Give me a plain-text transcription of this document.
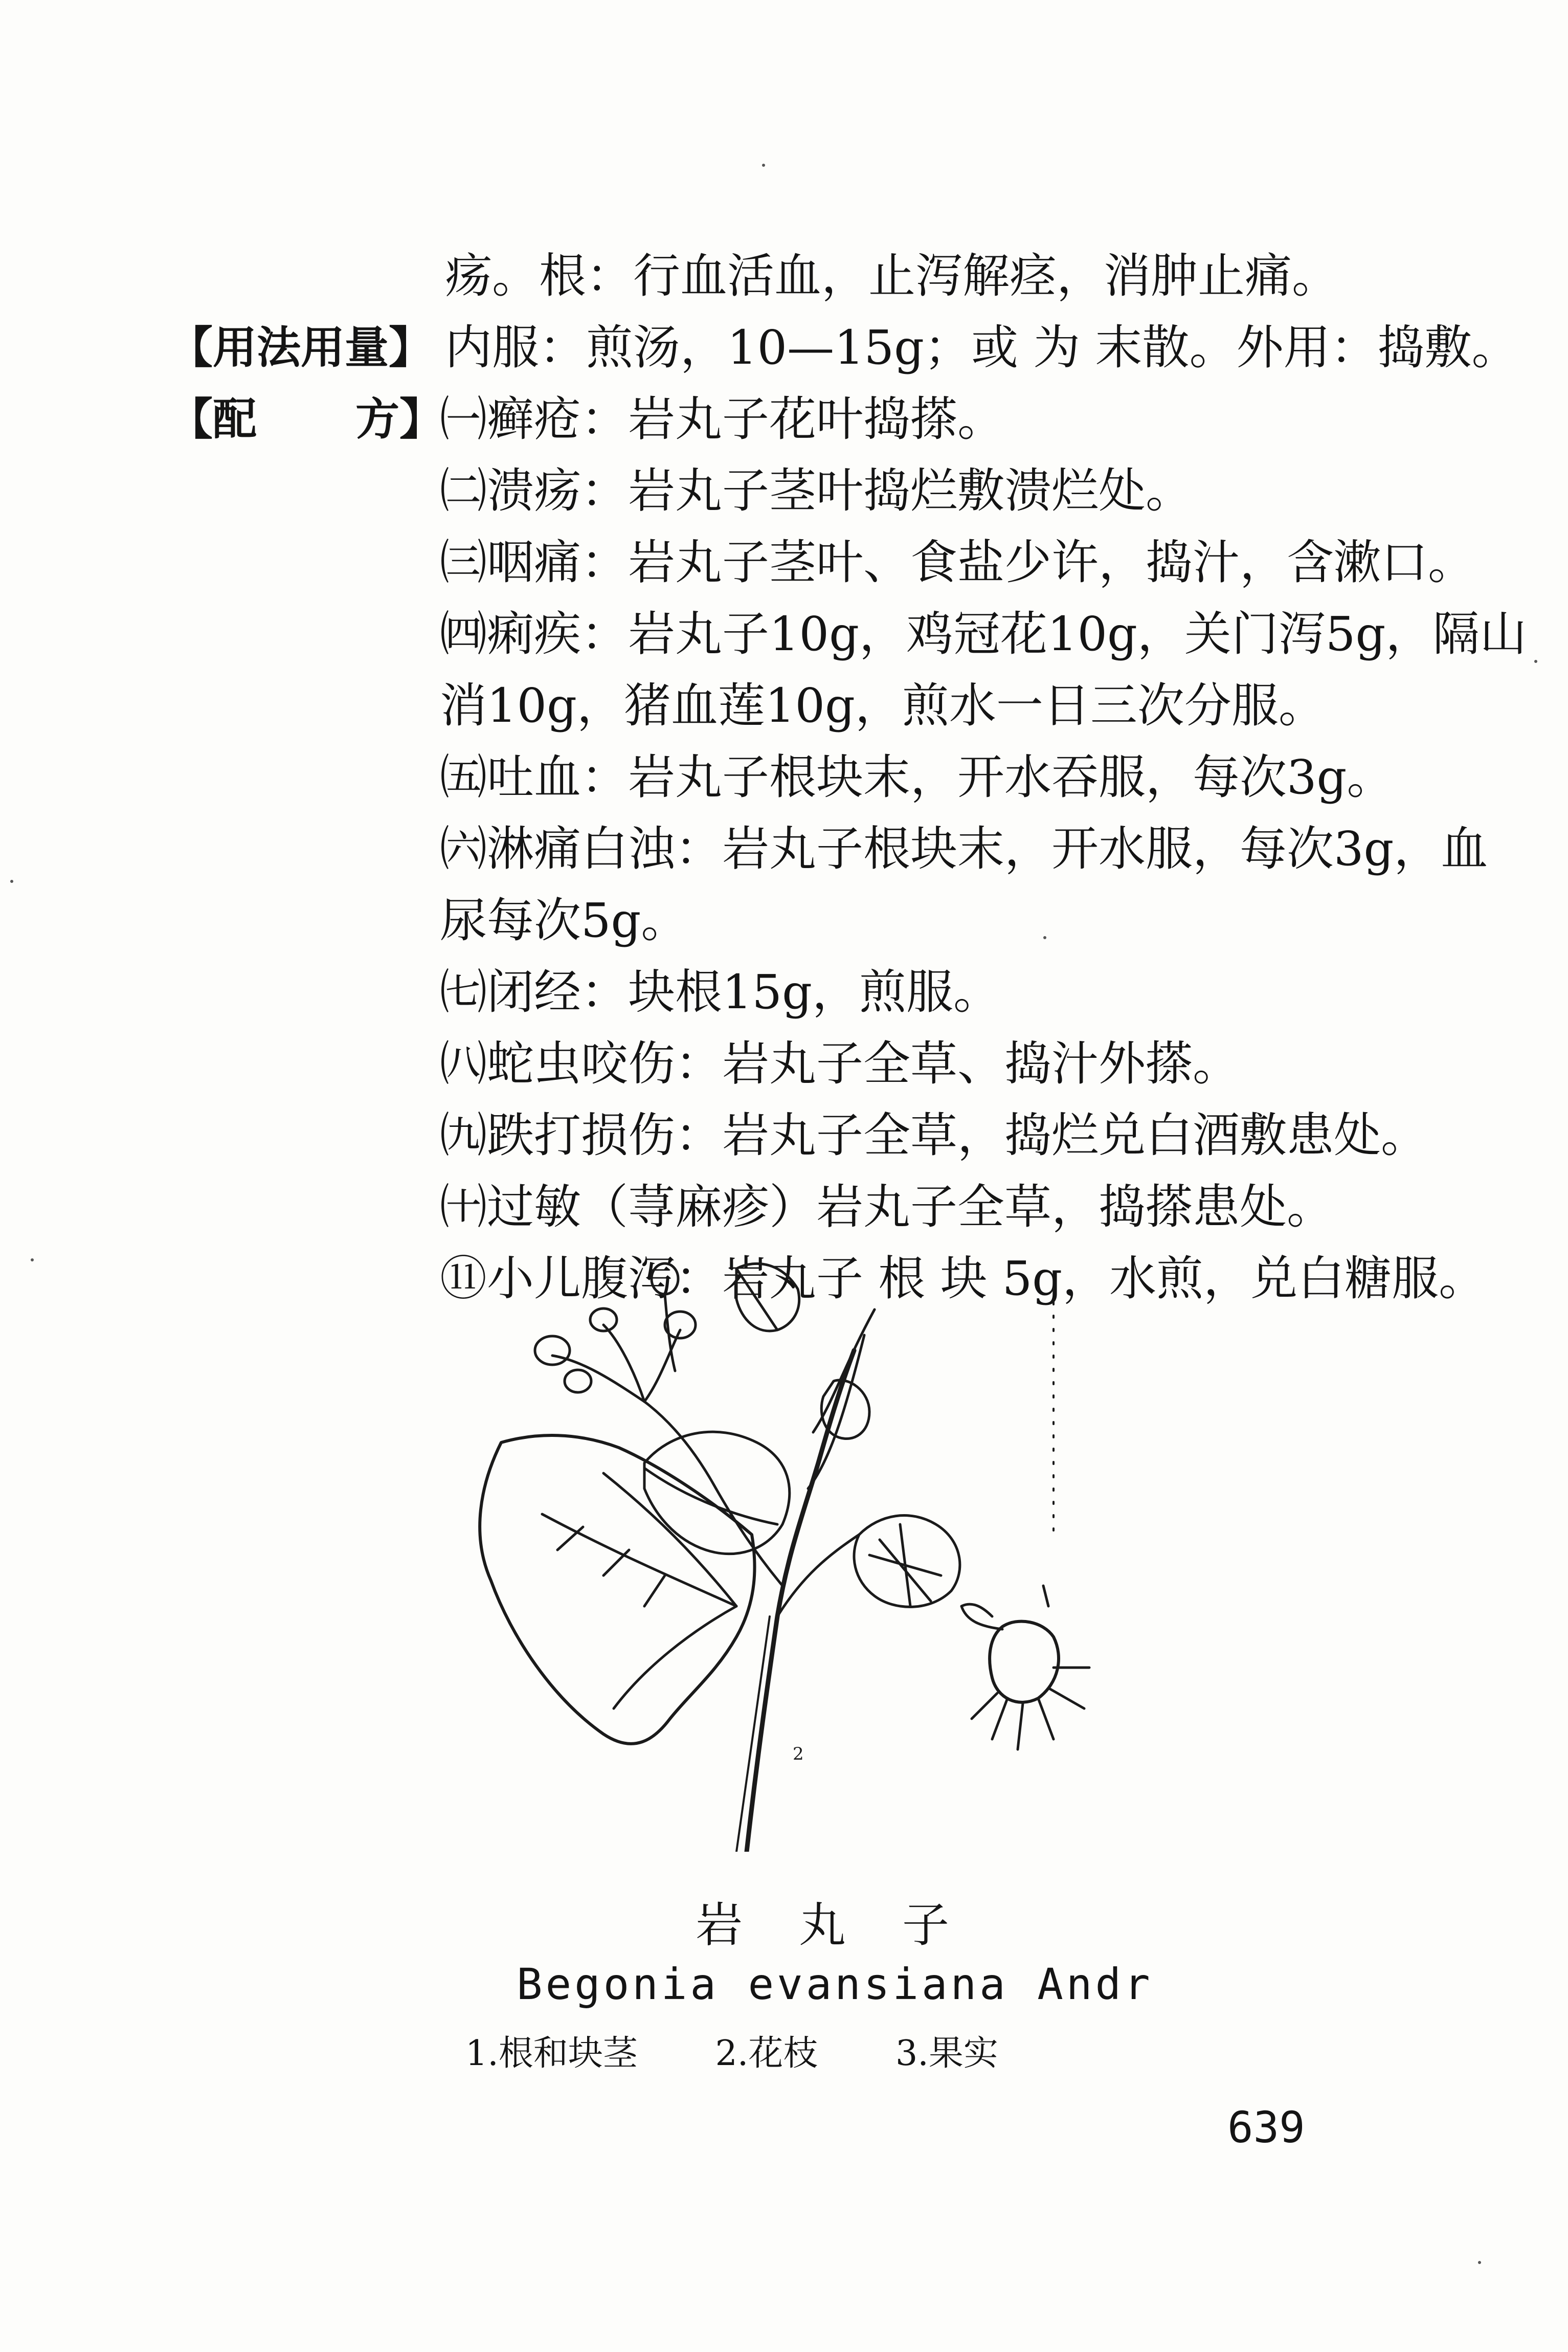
疡。根：行血活血，止泻解痉，消肿止痛。
【用法用量】 内服：煎汤，10—15g；或 为 末散。外用：捣敷。
【配 方】
㈠癣疮：岩丸子花叶捣搽。
㈡溃疡：岩丸子茎叶捣烂敷溃烂处。
㈢咽痛：岩丸子茎叶、食盐少许，捣汁，含漱口。
㈣痢疾：岩丸子10g，鸡冠花10g，关门泻5g，隔山
消10g，猪血莲10g，煎水一日三次分服。
㈤吐血：岩丸子根块末，开水吞服，每次3g。
㈥淋痛白浊：岩丸子根块末，开水服，每次3g，血
尿每次5g。
㈦闭经：块根15g，煎服。
㈧蛇虫咬伤：岩丸子全草、捣汁外搽。
㈨跌打损伤：岩丸子全草，捣烂兑白酒敷患处。
㈩过敏（荨麻疹）岩丸子全草，捣搽患处。
⑪小儿腹泻：岩丸子 根 块 5g，水煎，兑白糖服。
2
岩丸子
Begonia evansiana Andr
1.根和块茎 2.花枝 3.果实
639
